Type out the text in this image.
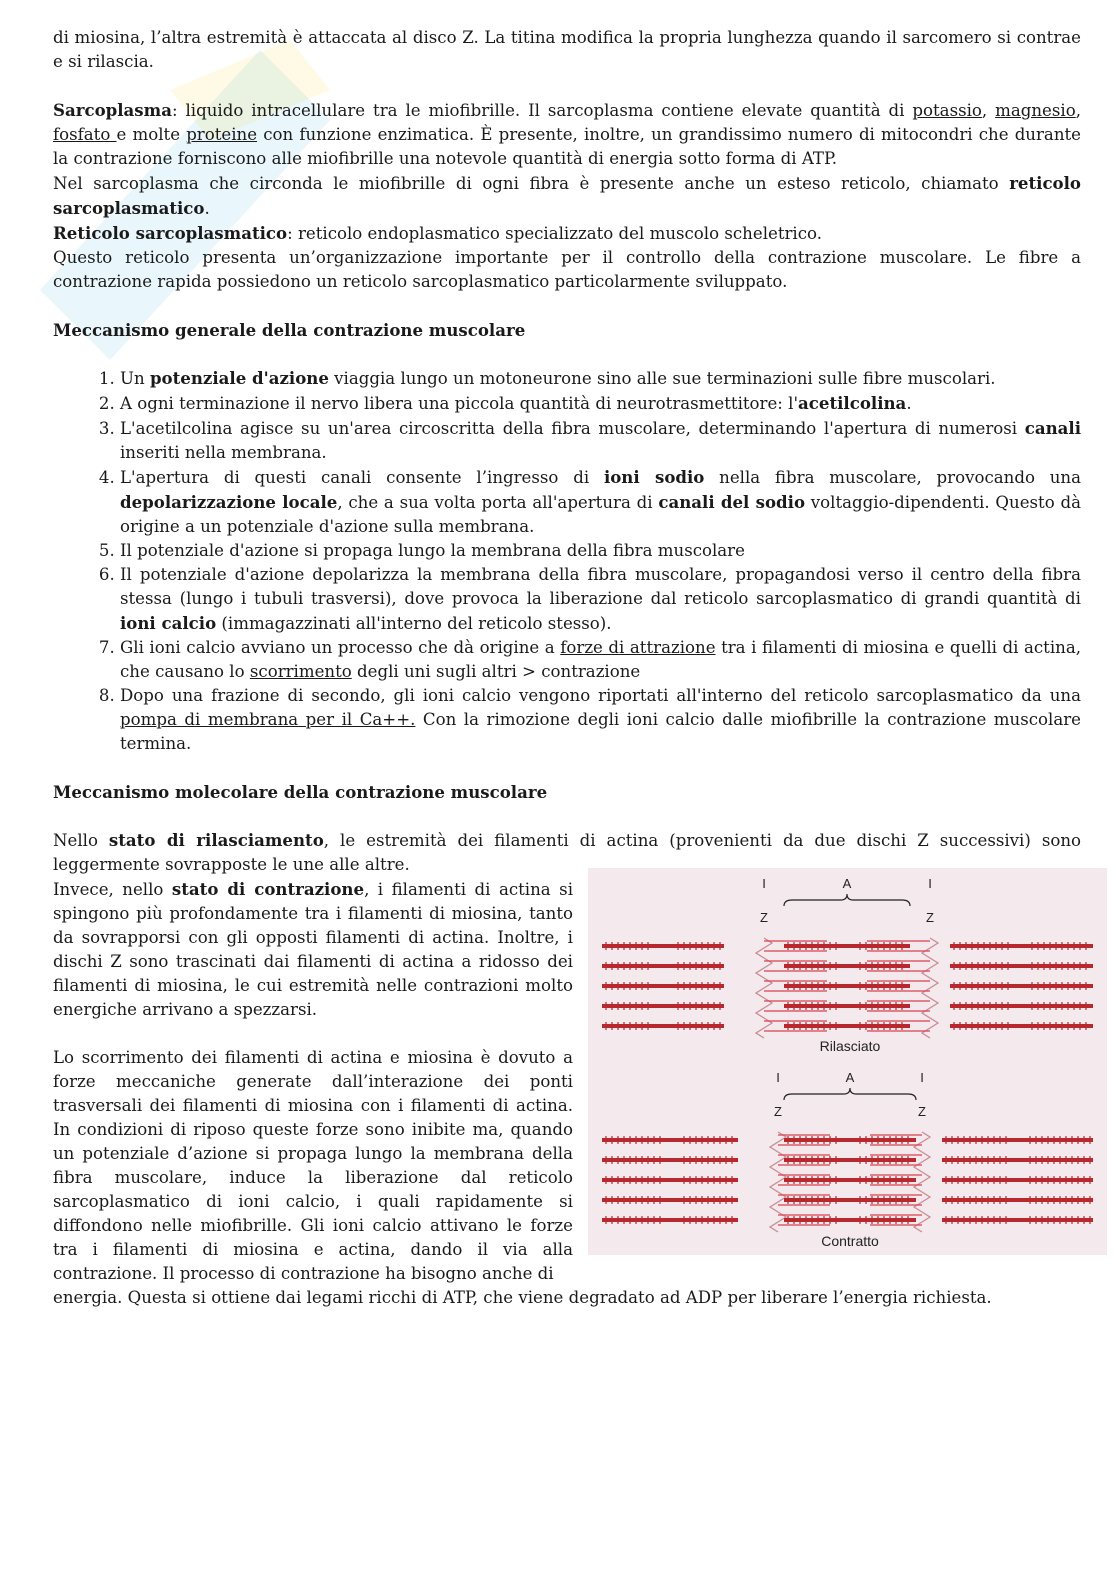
di miosina, l’altra estremità è attaccata al disco Z. La titina modifica la propria lunghezza quando il sarcomero si contrae e si rilascia.

Sarcoplasma: liquido intracellulare tra le miofibrille. Il sarcoplasma contiene elevate quantità di potassio, magnesio, fosfato e molte proteine con funzione enzimatica. È presente, inoltre, un grandissimo numero di mitocondri che durante la contrazione forniscono alle miofibrille una notevole quantità di energia sotto forma di ATP.

Nel sarcoplasma che circonda le miofibrille di ogni fibra è presente anche un esteso reticolo, chiamato reticolo sarcoplasmatico.

Reticolo sarcoplasmatico: reticolo endoplasmatico specializzato del muscolo scheletrico.

Questo reticolo presenta un’organizzazione importante per il controllo della contrazione muscolare. Le fibre a contrazione rapida possiedono un reticolo sarcoplasmatico particolarmente sviluppato.

Meccanismo generale della contrazione muscolare
1. Un potenziale d'azione viaggia lungo un motoneurone sino alle sue terminazioni sulle fibre muscolari.
2. A ogni terminazione il nervo libera una piccola quantità di neurotrasmettitore: l'acetilcolina.
3. L'acetilcolina agisce su un'area circoscritta della fibra muscolare, determinando l'apertura di numerosi canali inseriti nella membrana.
4. L'apertura di questi canali consente l’ingresso di ioni sodio nella fibra muscolare, provocando una depolarizzazione locale, che a sua volta porta all'apertura di canali del sodio voltaggio-dipendenti. Questo dà origine a un potenziale d'azione sulla membrana.
5. Il potenziale d'azione si propaga lungo la membrana della fibra muscolare
6. Il potenziale d'azione depolarizza la membrana della fibra muscolare, propagandosi verso il centro della fibra stessa (lungo i tubuli trasversi), dove provoca la liberazione dal reticolo sarcoplasmatico di grandi quantità di ioni calcio (immagazzinati all'interno del reticolo stesso).
7. Gli ioni calcio avviano un processo che dà origine a forze di attrazione tra i filamenti di miosina e quelli di actina, che causano lo scorrimento degli uni sugli altri > contrazione
8. Dopo una frazione di secondo, gli ioni calcio vengono riportati all'interno del reticolo sarcoplasmatico da una pompa di membrana per il Ca++. Con la rimozione degli ioni calcio dalle miofibrille la contrazione muscolare termina.
Meccanismo molecolare della contrazione muscolare

Nello stato di rilasciamento, le estremità dei filamenti di actina (provenienti da due dischi Z successivi) sono leggermente sovrapposte le une alle altre.

Invece, nello stato di contrazione, i filamenti di actina si spingono più profondamente tra i filamenti di miosina, tanto da sovrapporsi con gli opposti filamenti di actina. Inoltre, i dischi Z sono trascinati dai filamenti di actina a ridosso dei filamenti di miosina, le cui estremità nelle contrazioni molto energiche arrivano a spezzarsi.

Lo scorrimento dei filamenti di actina e miosina è dovuto a forze meccaniche generate dall’interazione dei ponti trasversali dei filamenti di miosina con i filamenti di actina. In condizioni di riposo queste forze sono inibite ma, quando un potenziale d’azione si propaga lungo la membrana della fibra muscolare, induce la liberazione dal reticolo sarcoplasmatico di ioni calcio, i quali rapidamente si diffondono nelle miofibrille. Gli ioni calcio attivano le forze tra i filamenti di miosina e actina, dando il via alla contrazione. Il processo di contrazione ha bisogno anche di

energia. Questa si ottiene dai legami ricchi di ATP, che viene degradato ad ADP per liberare l’energia richiesta.

I	I
A
Z	Z
I	I
A
Z	Z
Rilasciato
Contratto
